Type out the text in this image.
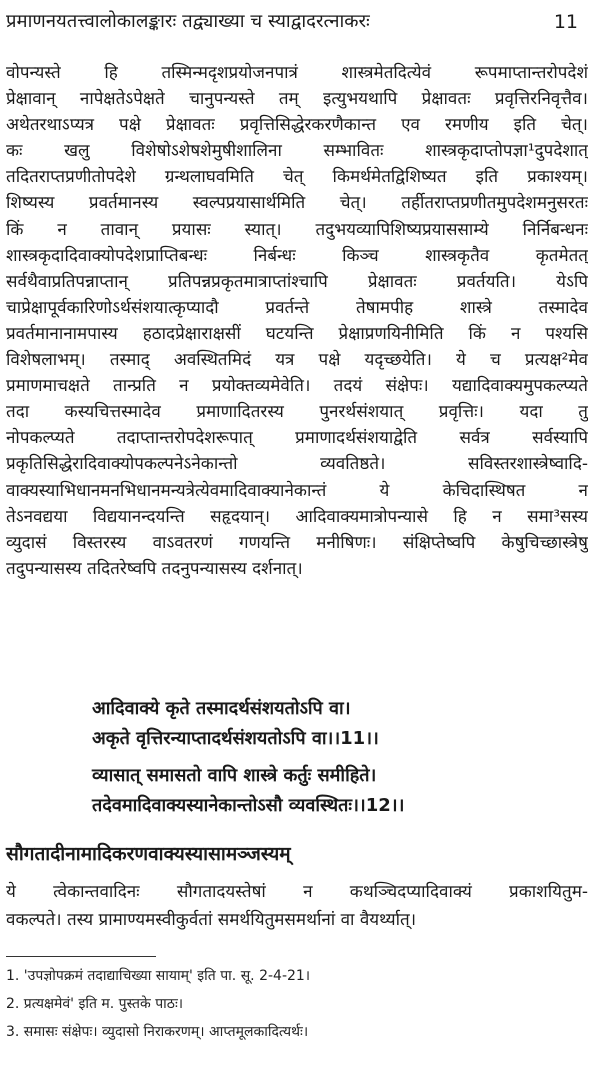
प्रमाणनयतत्त्वालोकालङ्कारः तद्व्याख्या च स्याद्वादरत्नाकरः	11
वोपन्यस्ते हि तस्मिन्मदृशप्रयोजनपात्रं शास्त्रमेतदित्येवं रूपमाप्तान्तरोपदेशं
प्रेक्षावान् नापेक्षतेऽपेक्षते चानुपन्यस्ते तम् इत्युभयथापि प्रेक्षावतः प्रवृत्तिरनिवृत्तैव।
अथेतरथाऽप्यत्र पक्षे प्रेक्षावतः प्रवृत्तिसिद्धेरकरणैकान्त एव रमणीय इति चेत्।
कः खलु विशेषोऽशेषशेमुषीशालिना सम्भावितः शास्त्रकृदाप्तोपज्ञा¹दुपदेशात्
तदितराप्तप्रणीतोपदेशे ग्रन्थलाघवमिति चेत् किमर्थमेतद्विशिष्यत इति प्रकाश्यम्।
शिष्यस्य प्रवर्तमानस्य स्वल्पप्रयासार्थमिति चेत्। तर्हीतराप्तप्रणीतमुपदेशमनुसरतः
किं न तावान् प्रयासः स्यात्। तदुभयव्यापिशिष्यप्रयाससाम्ये निर्निबन्धनः
शास्त्रकृदादिवाक्योपदेशप्राप्तिबन्धः निर्बन्धः किञ्च शास्त्रकृतैव कृतमेतत्
सर्वथैवाप्रतिपन्नाप्तान् प्रतिपन्नप्रकृतमात्राप्तांश्चापि प्रेक्षावतः प्रवर्तयति। येऽपि
चाप्रेक्षापूर्वकारिणोऽर्थसंशयात्कृप्यादौ प्रवर्तन्ते तेषामपीह शास्त्रे तस्मादेव
प्रवर्तमानानामपास्य हठादप्रेक्षाराक्षसीं घटयन्ति प्रेक्षाप्रणयिनीमिति किं न पश्यसि
विशेषलाभम्। तस्माद् अवस्थितमिदं यत्र पक्षे यदृच्छयेति। ये च प्रत्यक्ष²मेव
प्रमाणमाचक्षते तान्प्रति न प्रयोक्तव्यमेवेति। तदयं संक्षेपः। यद्यादिवाक्यमुपकल्प्यते
तदा कस्यचित्तस्मादेव प्रमाणादितरस्य पुनरर्थसंशयात् प्रवृत्तिः। यदा तु
नोपकल्प्यते तदाप्तान्तरोपदेशरूपात् प्रमाणादर्थसंशयाद्वेति सर्वत्र सर्वस्यापि
प्रकृतिसिद्धेरादिवाक्योपकल्पनेऽनेकान्तो व्यवतिष्ठते। सविस्तरशास्त्रेष्वादि-
वाक्यस्याभिधानमनभिधानमन्यत्रेत्येवमादिवाक्यानेकान्तं ये केचिदास्थिषत न
तेऽनवद्यया विद्ययानन्दयन्ति सहृदयान्। आदिवाक्यमात्रोपन्यासे हि न समा³सस्य
व्युदासं विस्तरस्य वाऽवतरणं गणयन्ति मनीषिणः। संक्षिप्तेष्वपि केषुचिच्छास्त्रेषु
तदुपन्यासस्य तदितरेष्वपि तदनुपन्यासस्य दर्शनात्।
आदिवाक्ये कृते तस्मादर्थसंशयतोऽपि वा।
अकृते वृत्तिरन्याप्तादर्थसंशयतोऽपि वा।।11।।
व्यासात् समासतो वापि शास्त्रे कर्तुः समीहिते।
तदेवमादिवाक्यस्यानेकान्तोऽसौ व्यवस्थितः।।12।।
सौगतादीनामादिकरणवाक्यस्यासामञ्जस्यम्
ये त्वेकान्तवादिनः सौगतादयस्तेषां न कथञ्चिदप्यादिवाक्यं प्रकाशयितुम-
वकल्पते। तस्य प्रामाण्यमस्वीकुर्वतां समर्थयितुमसमर्थानां वा वैयर्थ्यात्।
1. 'उपज्ञोपक्रमं तदाद्याचिख्या सायाम्' इति पा. सू. 2-4-21।
2. प्रत्यक्षमेवं' इति म. पुस्तके पाठः।
3. समासः संक्षेपः। व्युदासो निराकरणम्। आप्तमूलकादित्यर्थः।
